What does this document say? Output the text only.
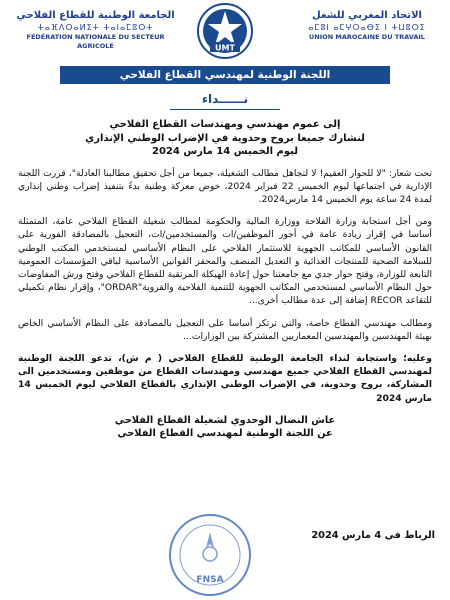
الجامعة الوطنية للقطاع الفلاحي
ⵜⴰⴼⴷⵔⴰⵍⵉⵜ ⵜⴰⵏⴰⵎⵓⵔⵜ
FÉDÉRATION NATIONALE DU SECTEUR AGRICOLE	UMT
الاتحاد المغربي للشغل
ⴰⵎⵓⵏ ⴰⵎⵖⵔⴰⴱⵉ ⵏ ⵜⵡⵓⵔⵉ
UNION MAROCAINE DU TRAVAIL
اللجنة الوطنية لمهندسي القطاع الفلاحي
نــــــداء
إلى عموم مهندسي ومهندسات القطاع الفلاحي
لنشارك جميعا بروح وحدوية في الإضراب الوطني الإنذاري
ليوم الخميس 14 مارس 2024

تحت شعار: "لا للحوار العقيم! لا لتجاهل مطالب الشغيلة، جميعا من أجل تحقيق مطالبنا العادلة"، قررت اللجنة الإدارية في اجتماعها ليوم الخميس 22 فبراير 2024، خوض معركة وطنية بدءً بتنفيذ إضراب وطني إنذاري لمدة 24 ساعة يوم الخميس 14 مارس2024.

ومن أجل استجابة وزارة الفلاحة ووزارة المالية والحكومة لمطالب شغيلة القطاع الفلاحي عامة، المتمثلة أساسا في إقرار زيادة عامة في أجور الموظفين/ات والمستخدمين/ات، التعجيل بالمصادقة الفورية على القانون الأساسي للمكاتب الجهوية للاستثمار الفلاحي على النظام الأساسي لمستخدمي المكتب الوطني للسلامة الصحية للمنتجات الغذائية و التعديل المنصف والمحفز القوانين الأساسية لباقي المؤسسات العمومية التابعة للوزارة، وفتح حوار جدي مع جامعتنا حول إعادة الهيكلة المرتقبة للقطاع الفلاحي وفتح ورش المفاوضات حول النظام الأساسي لمستخدمي المكاتب الجهوية للتنمية الفلاحية والقروية"ORDAR"، وإقرار نظام تكميلي للتقاعد RECOR إضافة إلى عدة مطالب أخرى...

ومطالب مهندسي القطاع خاصة، والتي ترتكز أساسا على التعجيل بالمصادقة على النظام الأساسي الخاص بهيئة المهندسين والمهندسين المعماريين المشتركة بين الوزارات...

وعليه؛ واستجابة لنداء الجامعة الوطنية للقطاع الفلاحي ( م ش)، تدعو اللجنة الوطنية لمهندسي القطاع الفلاحي جميع مهندسي ومهندسات القطاع من موظفين ومستخدمين الى المشاركة، بروح وحدوية، في الإضراب الوطني الإنذاري بالقطاع الفلاحي ليوم الخميس 14 مارس 2024

عاش النضال الوحدوي لشغيلة القطاع الفلاحي
عن اللجنة الوطنية لمهندسي القطاع الفلاحي
FNSA
الرباط في 4 مارس 2024
